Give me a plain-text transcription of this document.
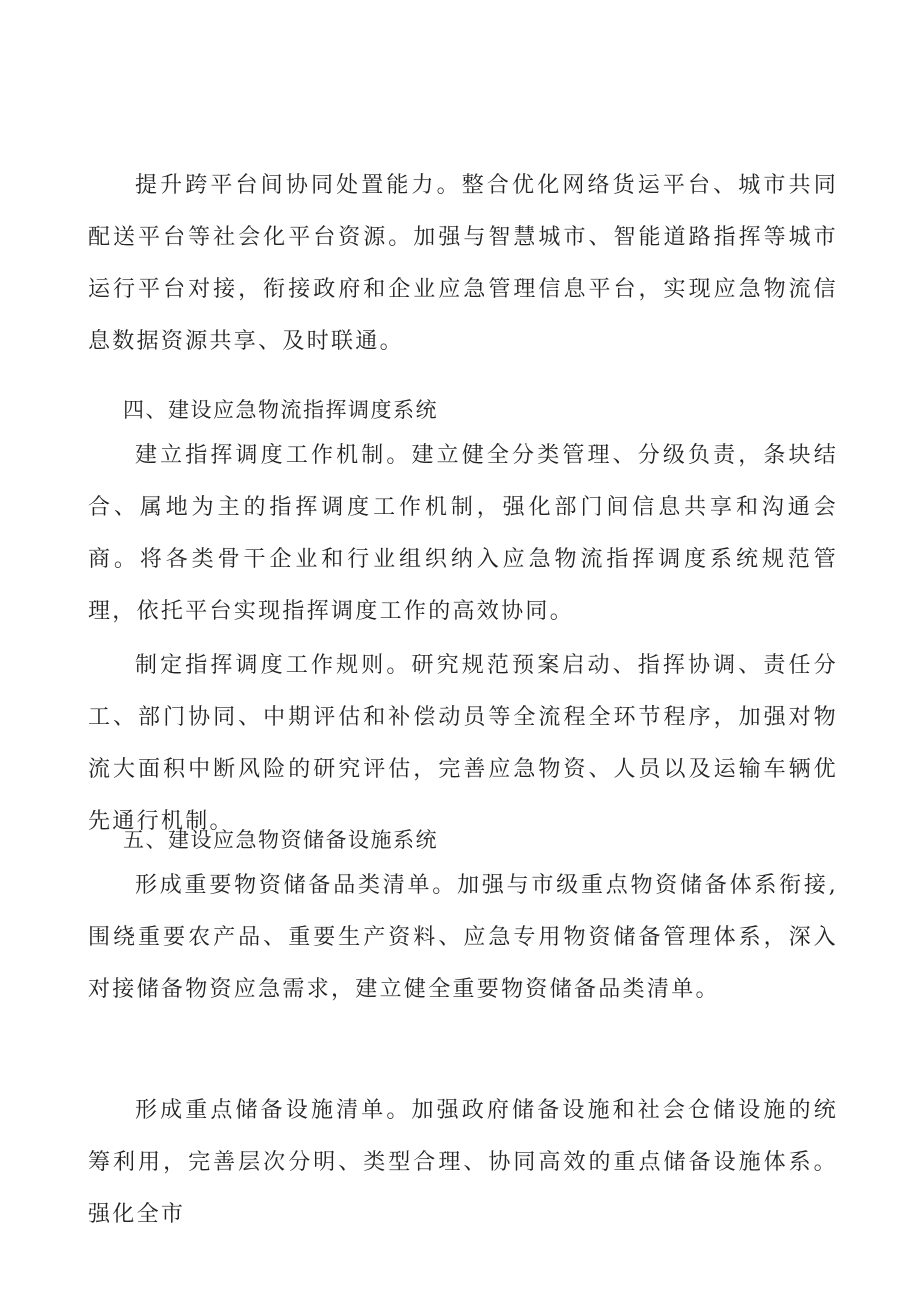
提升跨平台间协同处置能力。整合优化网络货运平台、城市共同配送平台等社会化平台资源。加强与智慧城市、智能道路指挥等城市运行平台对接，衔接政府和企业应急管理信息平台，实现应急物流信息数据资源共享、及时联通。

四、建设应急物流指挥调度系统

建立指挥调度工作机制。建立健全分类管理、分级负责，条块结合、属地为主的指挥调度工作机制，强化部门间信息共享和沟通会商。将各类骨干企业和行业组织纳入应急物流指挥调度系统规范管理，依托平台实现指挥调度工作的高效协同。

制定指挥调度工作规则。研究规范预案启动、指挥协调、责任分工、部门协同、中期评估和补偿动员等全流程全环节程序，加强对物流大面积中断风险的研究评估，完善应急物资、人员以及运输车辆优先通行机制。

五、建设应急物资储备设施系统

形成重要物资储备品类清单。加强与市级重点物资储备体系衔接,围绕重要农产品、重要生产资料、应急专用物资储备管理体系，深入对接储备物资应急需求，建立健全重要物资储备品类清单。

形成重点储备设施清单。加强政府储备设施和社会仓储设施的统筹利用，完善层次分明、类型合理、协同高效的重点储备设施体系。强化全市
